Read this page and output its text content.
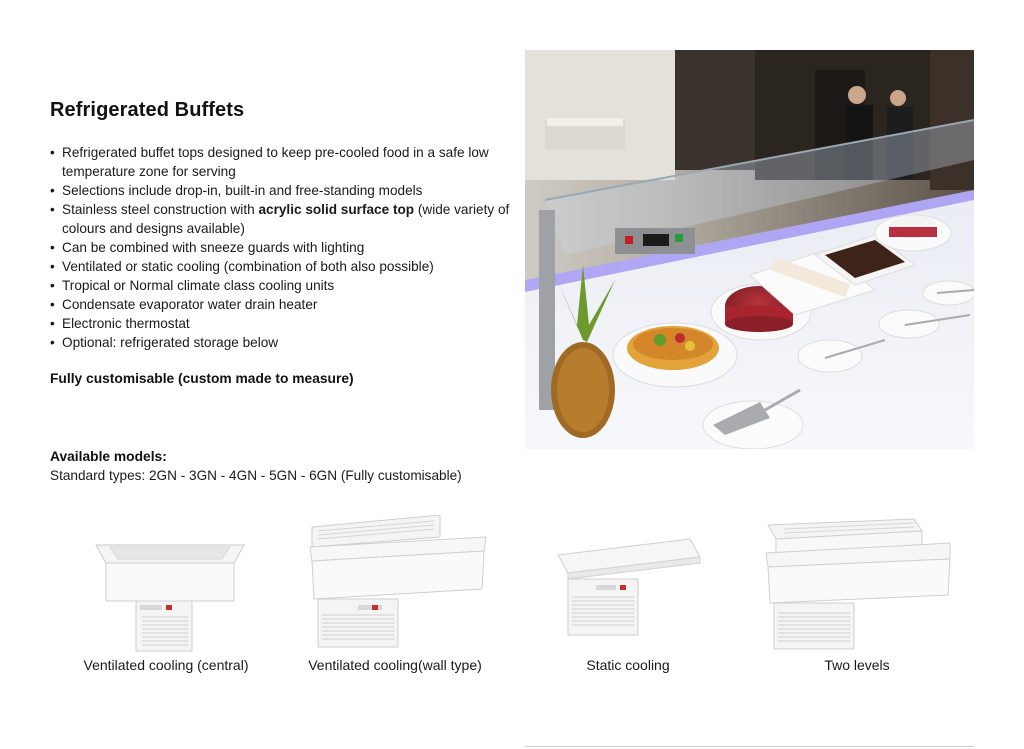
Refrigerated Buffets
• Refrigerated buffet tops designed to keep pre-cooled food in a safe low temperature zone for serving
• Selections include drop-in, built-in and free-standing models
• Stainless steel construction with acrylic solid surface top (wide variety of colours and designs available)
• Can be combined with sneeze guards with lighting
• Ventilated or static cooling (combination of both also possible)
• Tropical or Normal climate class cooling units
• Condensate evaporator water drain heater
• Electronic thermostat
• Optional: refrigerated storage below

Fully customisable (custom made to measure)

Available models:

Standard types: 2GN - 3GN - 4GN - 5GN - 6GN (Fully customisable)

Ventilated cooling (central)	Ventilated cooling(wall type)	Static cooling	Two levels
